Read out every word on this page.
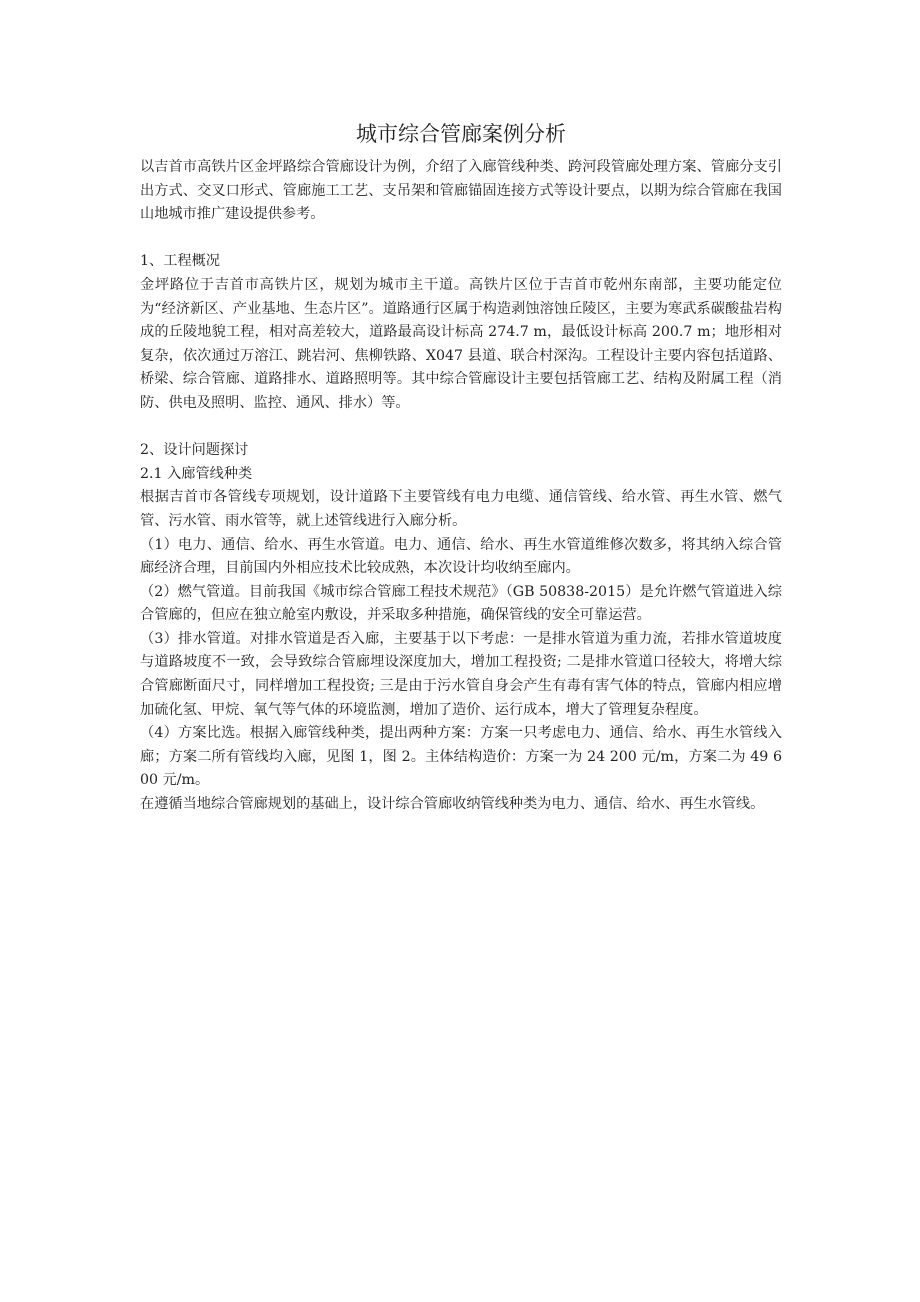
城市综合管廊案例分析

以吉首市高铁片区金坪路综合管廊设计为例，介绍了入廊管线种类、跨河段管廊处理方案、管廊分支引出方式、交叉口形式、管廊施工工艺、支吊架和管廊锚固连接方式等设计要点，以期为综合管廊在我国山地城市推广建设提供参考。

1、工程概况

金坪路位于吉首市高铁片区，规划为城市主干道。高铁片区位于吉首市乾州东南部，主要功能定位为“经济新区、产业基地、生态片区”。道路通行区属于构造剥蚀溶蚀丘陵区，主要为寒武系碳酸盐岩构成的丘陵地貌工程，相对高差较大，道路最高设计标高 274.7 m，最低设计标高 200.7 m；地形相对复杂，依次通过万溶江、跳岩河、焦柳铁路、X047 县道、联合村深沟。工程设计主要内容包括道路、桥梁、综合管廊、道路排水、道路照明等。其中综合管廊设计主要包括管廊工艺、结构及附属工程（消防、供电及照明、监控、通风、排水）等。

2、设计问题探讨

2.1 入廊管线种类

根据吉首市各管线专项规划，设计道路下主要管线有电力电缆、通信管线、给水管、再生水管、燃气管、污水管、雨水管等，就上述管线进行入廊分析。

（1）电力、通信、给水、再生水管道。电力、通信、给水、再生水管道维修次数多，将其纳入综合管廊经济合理，目前国内外相应技术比较成熟，本次设计均收纳至廊内。

（2）燃气管道。目前我国《城市综合管廊工程技术规范》（GB 50838-2015）是允许燃气管道进入综合管廊的，但应在独立舱室内敷设，并采取多种措施，确保管线的安全可靠运营。

（3）排水管道。对排水管道是否入廊，主要基于以下考虑：一是排水管道为重力流，若排水管道坡度与道路坡度不一致，会导致综合管廊埋设深度加大，增加工程投资; 二是排水管道口径较大，将增大综合管廊断面尺寸，同样增加工程投资; 三是由于污水管自身会产生有毒有害气体的特点，管廊内相应增加硫化氢、甲烷、氧气等气体的环境监测，增加了造价、运行成本，增大了管理复杂程度。

（4）方案比选。根据入廊管线种类，提出两种方案：方案一只考虑电力、通信、给水、再生水管线入廊；方案二所有管线均入廊，见图 1，图 2。主体结构造价：方案一为 24 200 元/m，方案二为 49 600 元/m。

在遵循当地综合管廊规划的基础上，设计综合管廊收纳管线种类为电力、通信、给水、再生水管线。
